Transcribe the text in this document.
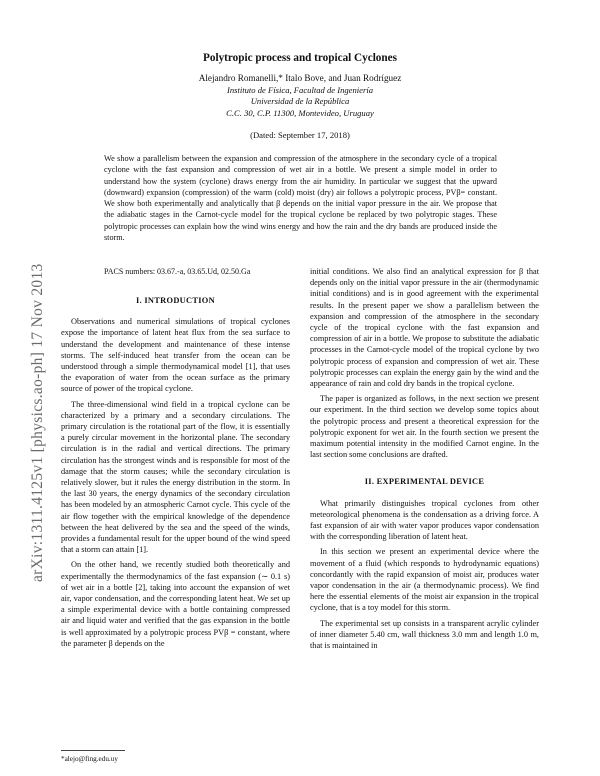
arXiv:1311.4125v1 [physics.ao-ph] 17 Nov 2013
Polytropic process and tropical Cyclones
Alejandro Romanelli,* Italo Bove, and Juan Rodríguez
Instituto de Física, Facultad de Ingeniería
Universidad de la República
C.C. 30, C.P. 11300, Montevideo, Uruguay
(Dated: September 17, 2018)

We show a parallelism between the expansion and compression of the atmosphere in the secondary cycle of a tropical cyclone with the fast expansion and compression of wet air in a bottle. We present a simple model in order to understand how the system (cyclone) draws energy from the air humidity. In particular we suggest that the upward (downward) expansion (compression) of the warm (cold) moist (dry) air follows a polytropic process, PVβ= constant. We show both experimentally and analytically that β depends on the initial vapor pressure in the air. We propose that the adiabatic stages in the Carnot-cycle model for the tropical cyclone be replaced by two polytropic stages. These polytropic processes can explain how the wind wins energy and how the rain and the dry bands are produced inside the storm.

PACS numbers: 03.67.-a, 03.65.Ud, 02.50.Ga

I. INTRODUCTION

Observations and numerical simulations of tropical cyclones expose the importance of latent heat flux from the sea surface to understand the development and maintenance of these intense storms. The self-induced heat transfer from the ocean can be understood through a simple thermodynamical model [1], that uses the evaporation of water from the ocean surface as the primary source of power of the tropical cyclone.

The three-dimensional wind field in a tropical cyclone can be characterized by a primary and a secondary circulations. The primary circulation is the rotational part of the flow, it is essentially a purely circular movement in the horizontal plane. The secondary circulation is in the radial and vertical directions. The primary circulation has the strongest winds and is responsible for most of the damage that the storm causes; while the secondary circulation is relatively slower, but it rules the energy distribution in the storm. In the last 30 years, the energy dynamics of the secondary circulation has been modeled by an atmospheric Carnot cycle. This cycle of the air flow together with the empirical knowledge of the dependence between the heat delivered by the sea and the speed of the winds, provides a fundamental result for the upper bound of the wind speed that a storm can attain [1].

On the other hand, we recently studied both theoretically and experimentally the thermodynamics of the fast expansion (∼ 0.1 s) of wet air in a bottle [2], taking into account the expansion of wet air, vapor condensation, and the corresponding latent heat. We set up a simple experimental device with a bottle containing compressed air and liquid water and verified that the gas expansion in the bottle is well approximated by a polytropic process PVβ = constant, where the parameter β depends on the

initial conditions. We also find an analytical expression for β that depends only on the initial vapor pressure in the air (thermodynamic initial conditions) and is in good agreement with the experimental results. In the present paper we show a parallelism between the expansion and compression of the atmosphere in the secondary cycle of the tropical cyclone with the fast expansion and compression of air in a bottle. We propose to substitute the adiabatic processes in the Carnot-cycle model of the tropical cyclone by two polytropic process of expansion and compression of wet air. These polytropic processes can explain the energy gain by the wind and the appearance of rain and cold dry bands in the tropical cyclone.

The paper is organized as follows, in the next section we present our experiment. In the third section we develop some topics about the polytropic process and present a theoretical expression for the polytropic exponent for wet air. In the fourth section we present the maximum potential intensity in the modified Carnot engine. In the last section some conclusions are drafted.

II. EXPERIMENTAL DEVICE

What primarily distinguishes tropical cyclones from other meteorological phenomena is the condensation as a driving force. A fast expansion of air with water vapor produces vapor condensation with the corresponding liberation of latent heat.

In this section we present an experimental device where the movement of a fluid (which responds to hydrodynamic equations) concordantly with the rapid expansion of moist air, produces water vapor condensation in the air (a thermodynamic process). We find here the essential elements of the moist air expansion in the tropical cyclone, that is a toy model for this storm.

The experimental set up consists in a transparent acrylic cylinder of inner diameter 5.40 cm, wall thickness 3.0 mm and length 1.0 m, that is maintained in

*alejo@fing.edu.uy
